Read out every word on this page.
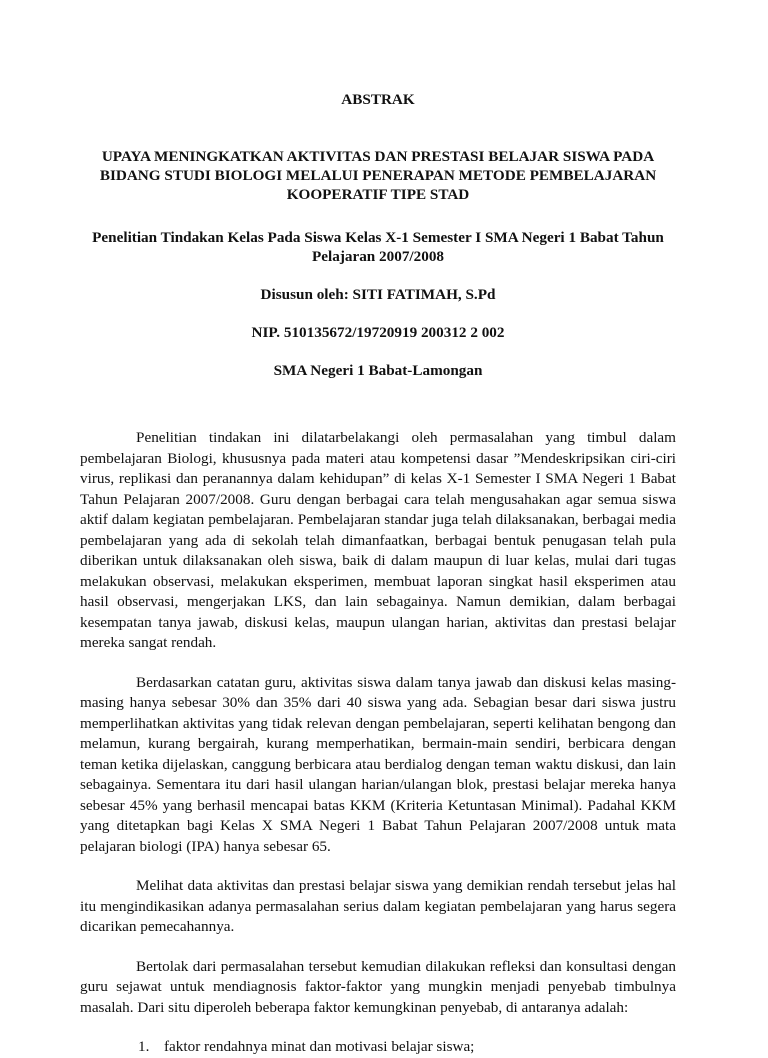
ABSTRAK

UPAYA MENINGKATKAN AKTIVITAS DAN PRESTASI BELAJAR SISWA PADA BIDANG STUDI BIOLOGI MELALUI PENERAPAN METODE PEMBELAJARAN KOOPERATIF TIPE STAD

Penelitian Tindakan Kelas Pada Siswa Kelas X-1 Semester I SMA Negeri 1 Babat Tahun Pelajaran 2007/2008

Disusun oleh: SITI FATIMAH, S.Pd

NIP. 510135672/19720919 200312 2 002

SMA Negeri 1 Babat-Lamongan

Penelitian tindakan ini dilatarbelakangi oleh permasalahan yang timbul dalam pembelajaran Biologi, khususnya pada materi atau kompetensi dasar ”Mendeskripsikan ciri-ciri virus, replikasi dan peranannya dalam kehidupan” di kelas X-1 Semester I SMA Negeri 1 Babat Tahun Pelajaran 2007/2008. Guru dengan berbagai cara telah mengusahakan agar semua siswa aktif dalam kegiatan pembelajaran. Pembelajaran standar juga telah dilaksanakan, berbagai media pembelajaran yang ada di sekolah telah dimanfaatkan, berbagai bentuk penugasan telah pula diberikan untuk dilaksanakan oleh siswa, baik di dalam maupun di luar kelas, mulai dari tugas melakukan observasi, melakukan eksperimen, membuat laporan singkat hasil eksperimen atau hasil observasi, mengerjakan LKS, dan lain sebagainya. Namun demikian, dalam berbagai kesempatan tanya jawab, diskusi kelas, maupun ulangan harian, aktivitas dan prestasi belajar mereka sangat rendah.

Berdasarkan catatan guru, aktivitas siswa dalam tanya jawab dan diskusi kelas masing-masing hanya sebesar 30% dan 35% dari 40 siswa yang ada. Sebagian besar dari siswa justru memperlihatkan aktivitas yang tidak relevan dengan pembelajaran, seperti kelihatan bengong dan melamun, kurang bergairah, kurang memperhatikan, bermain-main sendiri, berbicara dengan teman ketika dijelaskan, canggung berbicara atau berdialog dengan teman waktu diskusi, dan lain sebagainya. Sementara itu dari hasil ulangan harian/ulangan blok, prestasi belajar mereka hanya sebesar 45% yang berhasil mencapai batas KKM (Kriteria Ketuntasan Minimal). Padahal KKM yang ditetapkan bagi Kelas X SMA Negeri 1 Babat Tahun Pelajaran 2007/2008 untuk mata pelajaran biologi (IPA) hanya sebesar 65.

Melihat data aktivitas dan prestasi belajar siswa yang demikian rendah tersebut jelas hal itu mengindikasikan adanya permasalahan serius dalam kegiatan pembelajaran yang harus segera dicarikan pemecahannya.

Bertolak dari permasalahan tersebut kemudian dilakukan refleksi dan konsultasi dengan guru sejawat untuk mendiagnosis faktor-faktor yang mungkin menjadi penyebab timbulnya masalah. Dari situ diperoleh beberapa faktor kemungkinan penyebab, di antaranya adalah:

1. faktor rendahnya minat dan motivasi belajar siswa;
